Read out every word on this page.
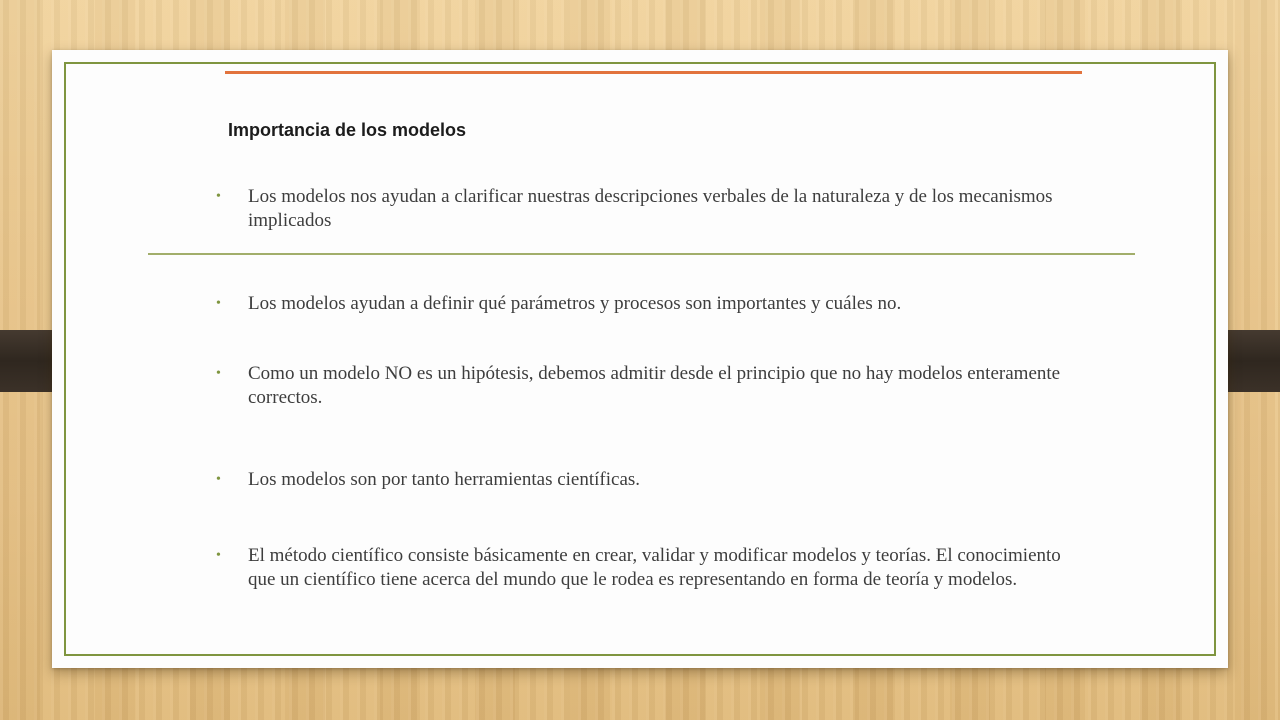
Importancia de los modelos
•	Los modelos nos ayudan a clarificar nuestras descripciones verbales de la naturaleza y de los mecanismos implicados
•	Los modelos ayudan a definir qué parámetros y procesos son importantes y cuáles no.
•	Como un modelo NO es un hipótesis, debemos admitir desde el principio que no hay modelos enteramente correctos.
•	Los modelos son por tanto herramientas científicas.
•	El método científico consiste básicamente en crear, validar y modificar modelos y teorías. El conocimiento que un científico tiene acerca del mundo que le rodea es representando en forma de teoría y modelos.
